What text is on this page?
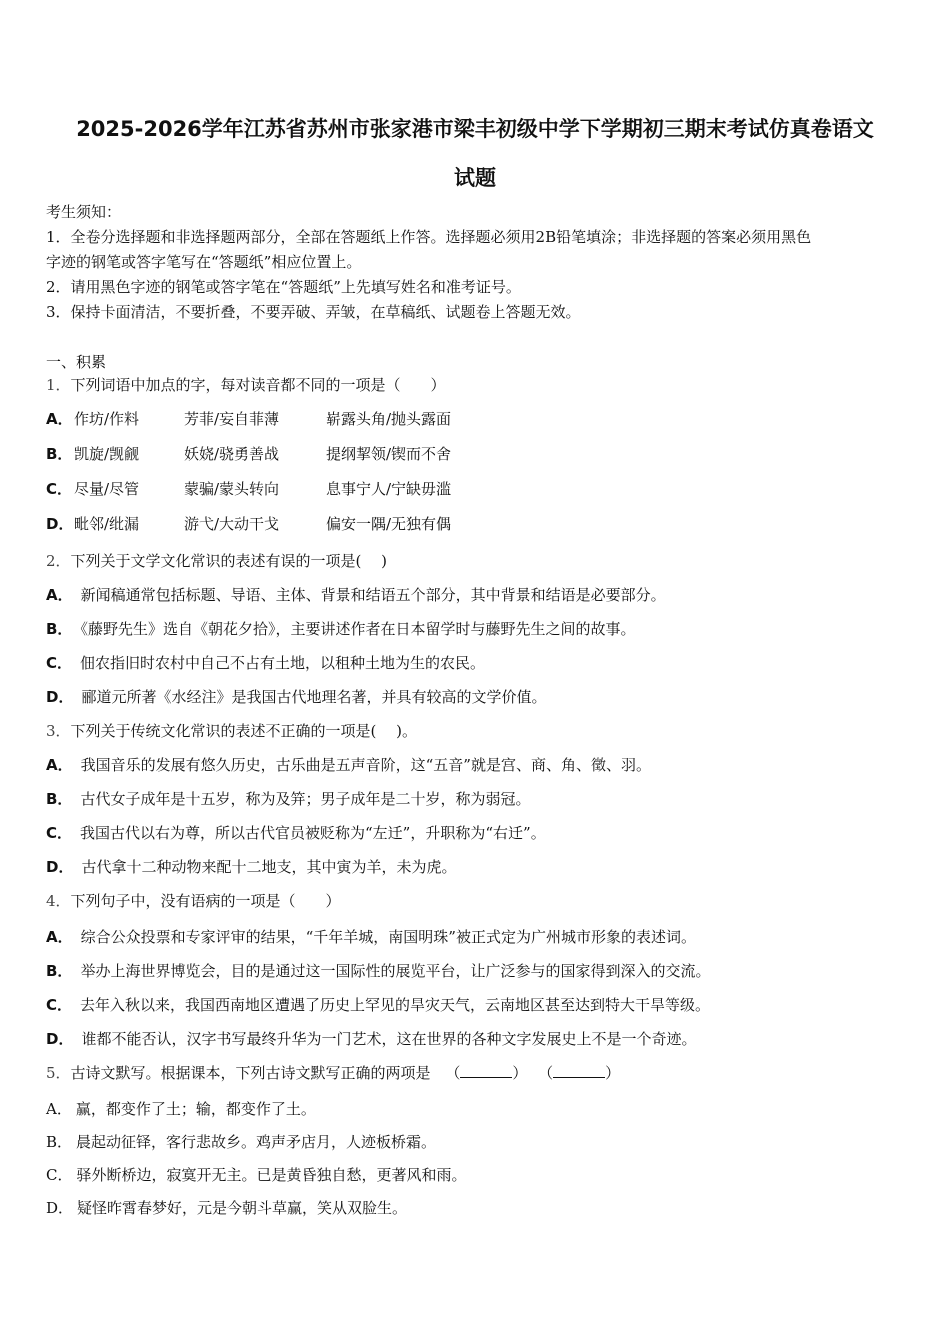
2025-2026学年江苏省苏州市张家港市梁丰初级中学下学期初三期末考试仿真卷语文
试题
考生须知：
1．全卷分选择题和非选择题两部分，全部在答题纸上作答。选择题必须用2B铅笔填涂；非选择题的答案必须用黑色
字迹的钢笔或答字笔写在“答题纸”相应位置上。
2．请用黑色字迹的钢笔或答字笔在“答题纸”上先填写姓名和准考证号。
3．保持卡面清洁，不要折叠，不要弄破、弄皱，在草稿纸、试题卷上答题无效。
一、积累
1．下列词语中加点的字，每对读音都不同的一项是（　　）
A． 作坊/作料	芳菲/妄自菲薄	崭露头角/抛头露面
B． 凯旋/觊觎	妖娆/骁勇善战	提纲挈领/锲而不舍
C． 尽量/尽管	蒙骗/蒙头转向	息事宁人/宁缺毋滥
D． 毗邻/纰漏	游弋/大动干戈	偏安一隅/无独有偶
2．下列关于文学文化常识的表述有误的一项是(　 )
A． 新闻稿通常包括标题、导语、主体、背景和结语五个部分，其中背景和结语是必要部分。
B． 《藤野先生》选自《朝花夕拾》，主要讲述作者在日本留学时与藤野先生之间的故事。
C． 佃农指旧时农村中自己不占有土地，以租种土地为生的农民。
D． 郦道元所著《水经注》是我国古代地理名著，并具有较高的文学价值。
3．下列关于传统文化常识的表述不正确的一项是(　 )。
A． 我国音乐的发展有悠久历史，古乐曲是五声音阶，这“五音”就是宫、商、角、徵、羽。
B． 古代女子成年是十五岁，称为及笄；男子成年是二十岁，称为弱冠。
C． 我国古代以右为尊，所以古代官员被贬称为“左迁”，升职称为“右迁”。
D． 古代拿十二种动物来配十二地支，其中寅为羊，未为虎。
4．下列句子中，没有语病的一项是（　　）
A． 综合公众投票和专家评审的结果，“千年羊城，南国明珠”被正式定为广州城市形象的表述词。
B． 举办上海世界博览会，目的是通过这一国际性的展览平台，让广泛参与的国家得到深入的交流。
C． 去年入秋以来，我国西南地区遭遇了历史上罕见的旱灾天气，云南地区甚至达到特大干旱等级。
D． 谁都不能否认，汉字书写最终升华为一门艺术，这在世界的各种文字发展史上不是一个奇迹。
5．古诗文默写。根据课本，下列古诗文默写正确的两项是 （	） （	）
A． 赢，都变作了土；输，都变作了土。
B． 晨起动征铎，客行悲故乡。鸡声矛店月，人迹板桥霜。
C． 驿外断桥边，寂寞开无主。已是黄昏独自愁，更著风和雨。
D． 疑怪昨霄春梦好，元是今朝斗草赢，笑从双脸生。
